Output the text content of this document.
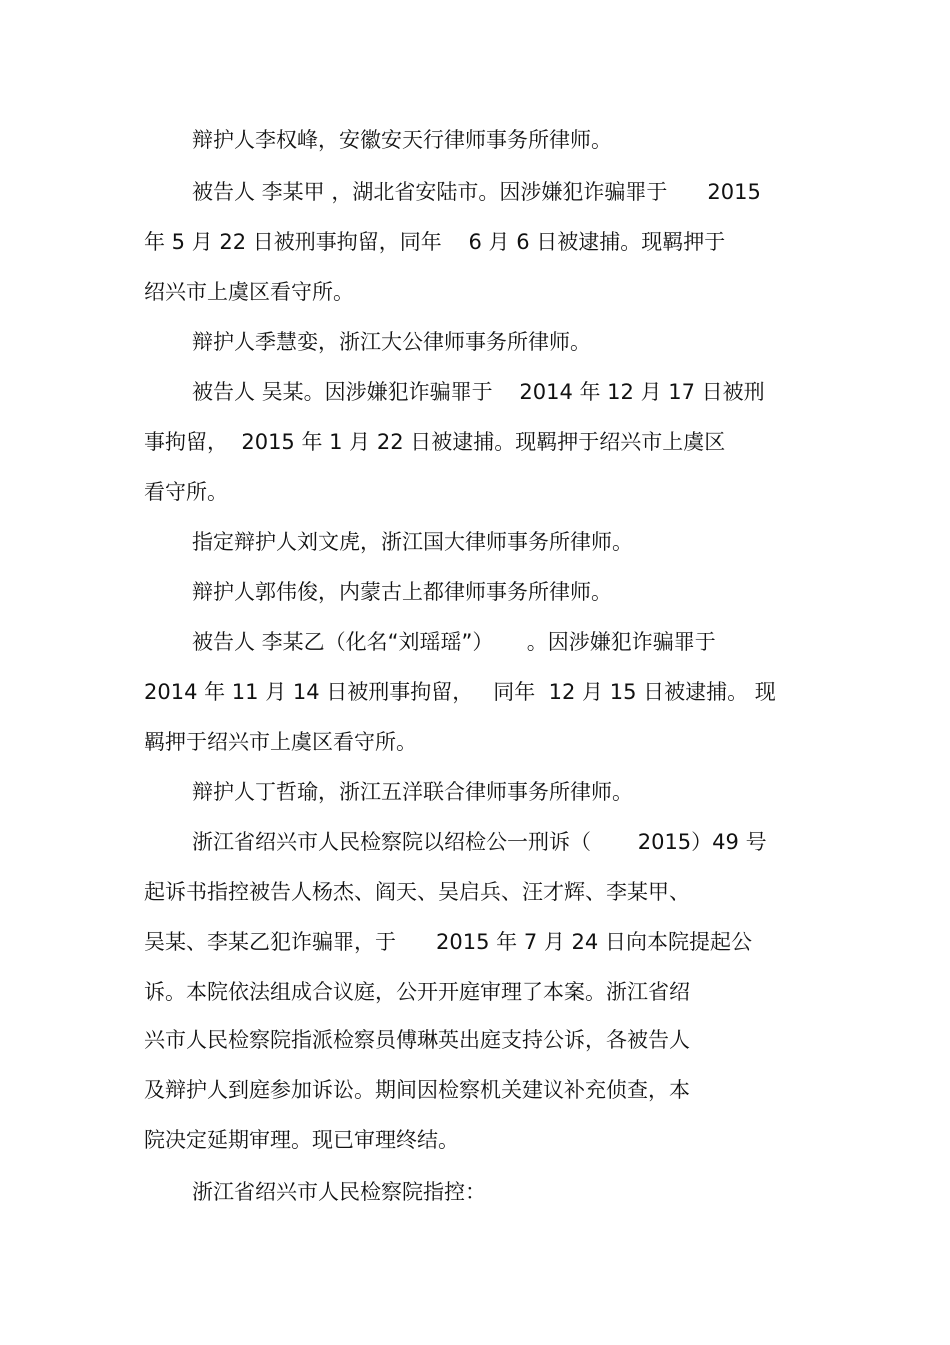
辩护人李权峰，安徽安天行律师事务所律师。
被告人 李某甲 ，湖北省安陆市。因涉嫌犯诈骗罪于      2015
年 5 月 22 日被刑事拘留，同年    6 月 6 日被逮捕。现羁押于
绍兴市上虞区看守所。
辩护人季慧娈，浙江大公律师事务所律师。
被告人 吴某。因涉嫌犯诈骗罪于    2014 年 12 月 17 日被刑
事拘留，  2015 年 1 月 22 日被逮捕。现羁押于绍兴市上虞区
看守所。
指定辩护人刘文虎，浙江国大律师事务所律师。
辩护人郭伟俊，内蒙古上都律师事务所律师。
被告人 李某乙（化名“刘瑶瑶”）     。因涉嫌犯诈骗罪于
2014 年 11 月 14 日被刑事拘留，   同年  12 月 15 日被逮捕。 现
羁押于绍兴市上虞区看守所。
辩护人丁哲瑜，浙江五洋联合律师事务所律师。
浙江省绍兴市人民检察院以绍检公一刑诉（       2015）49 号
起诉书指控被告人杨杰、阎天、吴启兵、汪才辉、李某甲、
吴某、李某乙犯诈骗罪，于      2015 年 7 月 24 日向本院提起公
诉。本院依法组成合议庭，公开开庭审理了本案。浙江省绍
兴市人民检察院指派检察员傅琳英出庭支持公诉，各被告人
及辩护人到庭参加诉讼。期间因检察机关建议补充侦查，本
院决定延期审理。现已审理终结。
浙江省绍兴市人民检察院指控：
